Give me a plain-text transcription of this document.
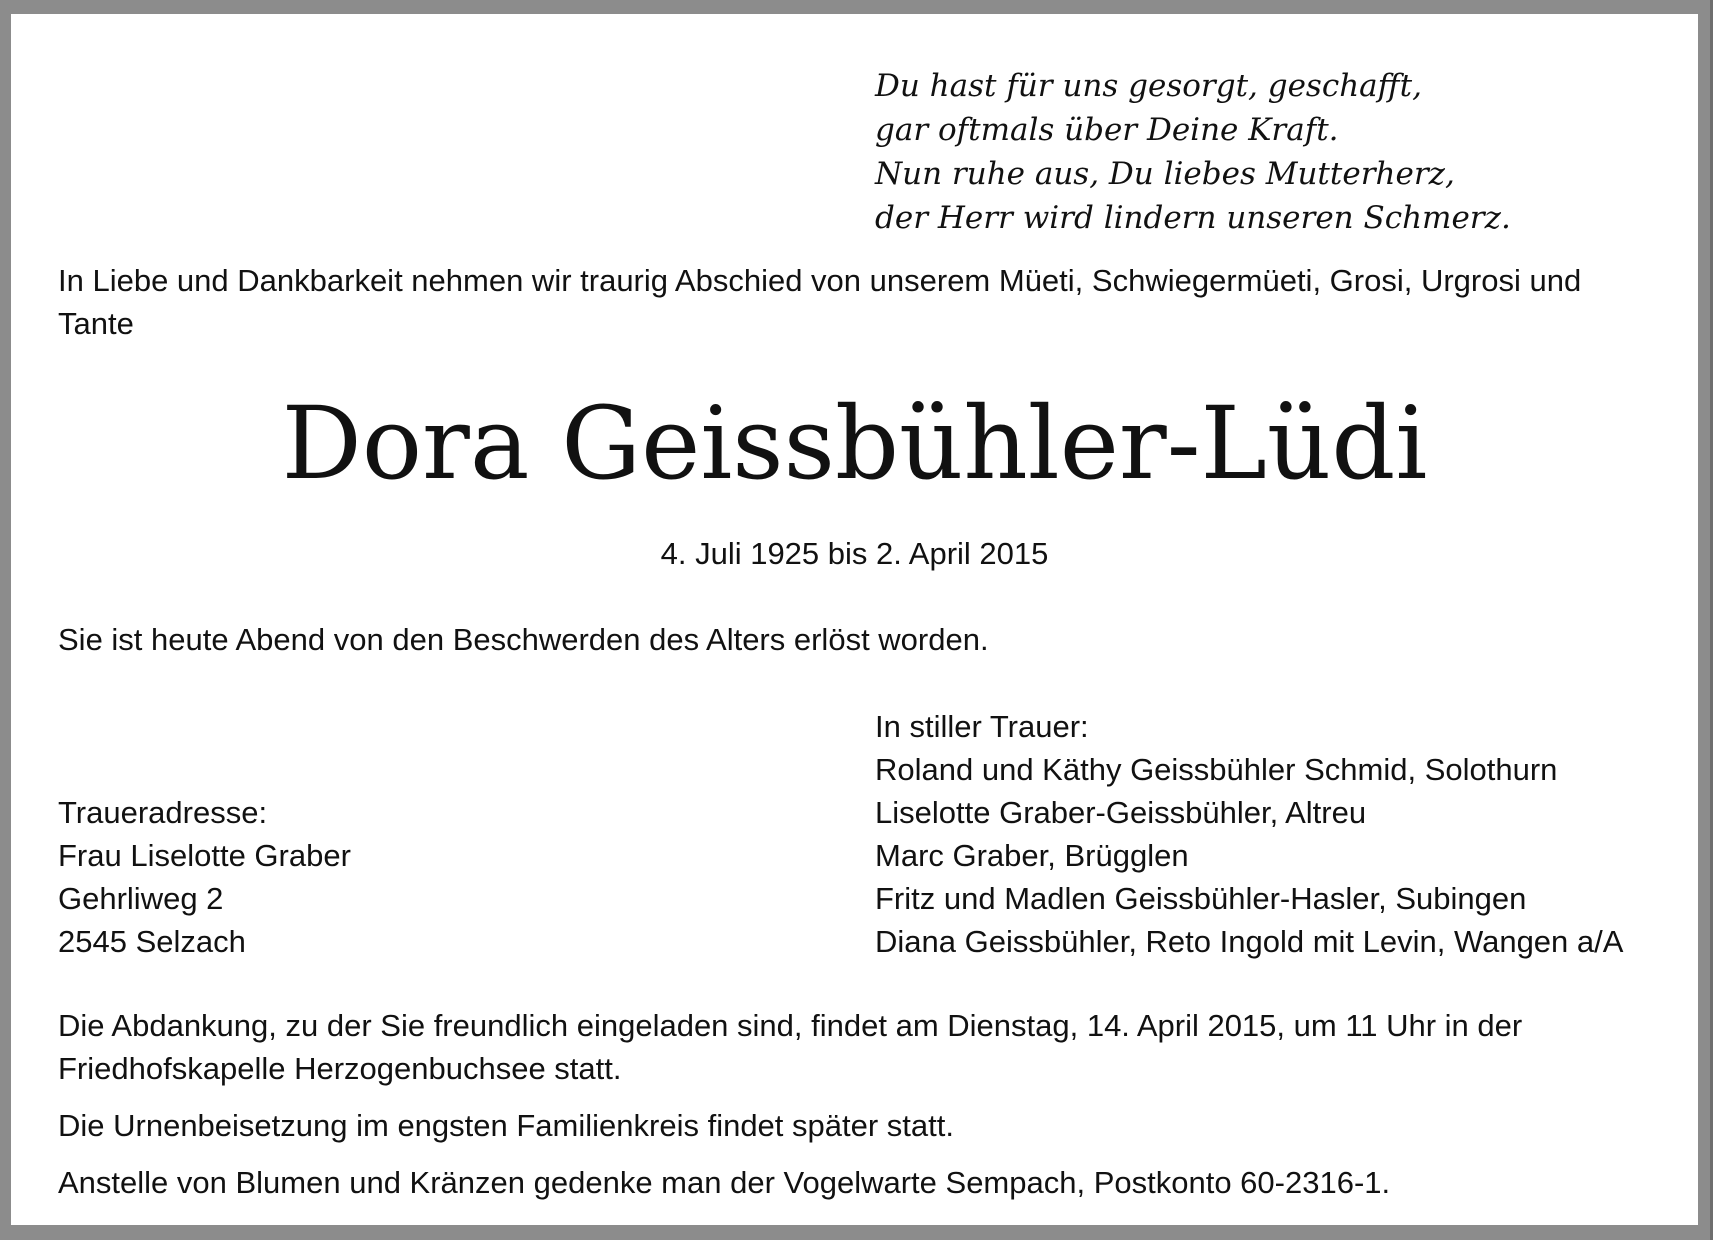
Du hast für uns gesorgt, geschafft,
gar oftmals über Deine Kraft.
Nun ruhe aus, Du liebes Mutterherz,
der Herr wird lindern unseren Schmerz.

In Liebe und Dankbarkeit nehmen wir traurig Abschied von unserem Müeti, Schwiegermüeti, Grosi, Urgrosi und Tante

Dora Geissbühler-Lüdi

4. Juli 1925 bis 2. April 2015

Sie ist heute Abend von den Beschwerden des Alters erlöst worden.

In stiller Trauer:
Roland und Käthy Geissbühler Schmid, Solothurn
Liselotte Graber-Geissbühler, Altreu
Marc Graber, Brügglen
Fritz und Madlen Geissbühler-Hasler, Subingen
Diana Geissbühler, Reto Ingold mit Levin, Wangen a/A

Traueradresse:
Frau Liselotte Graber
Gehrliweg 2
2545 Selzach

Die Abdankung, zu der Sie freundlich eingeladen sind, findet am Dienstag, 14. April 2015, um 11 Uhr in der Friedhofskapelle Herzogenbuchsee statt.

Die Urnenbeisetzung im engsten Familienkreis findet später statt.

Anstelle von Blumen und Kränzen gedenke man der Vogelwarte Sempach, Postkonto 60-2316-1.
